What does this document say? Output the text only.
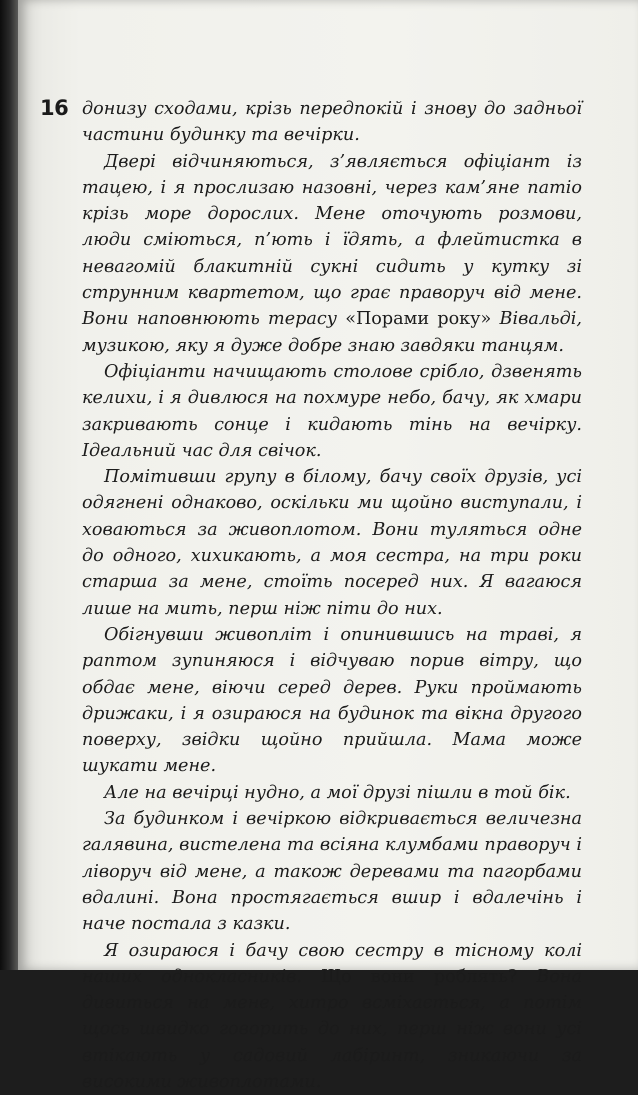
16 донизу сходами, крізь передпокій і знову до задньої частини будинку та вечірки.

Двері відчиняються, з’являється офіціант із тацею, і я прослизаю назовні, через кам’яне патіо крізь море дорослих. Мене оточують розмови, люди сміються, п’ють і їдять, а флейтистка в невагомій блакитній сукні сидить у кутку зі струнним квартетом, що грає праворуч від мене. Вони наповнюють терасу «Порами року» Вівальді, музикою, яку я дуже добре знаю завдяки танцям.

Офіціанти начищають столове срібло, дзвенять келихи, і я дивлюся на похмуре небо, бачу, як хмари закривають сонце і кидають тінь на вечірку. Ідеальний час для свічок.

Помітивши групу в білому, бачу своїх друзів, усі одягнені однаково, оскільки ми щойно виступали, і ховаються за живоплотом. Вони туляться одне до одного, хихикають, а моя сестра, на три роки старша за мене, стоїть посеред них. Я вагаюся лише на мить, перш ніж піти до них.

Обігнувши живопліт і опинившись на траві, я раптом зупиняюся і відчуваю порив вітру, що обдає мене, віючи серед дерев. Руки проймають дрижаки, і я озираюся на будинок та вікна другого поверху, звідки щойно прийшла. Мама може шукати мене.

Але на вечірці нудно, а мої друзі пішли в той бік.

За будинком і вечіркою відкривається величезна галявина, вистелена та всіяна клумбами праворуч і ліворуч від мене, а також деревами та пагорбами вдалині. Вона простягається вшир і вдалечінь і наче постала з казки.

Я озираюся і бачу свою сестру в тісному колі наших однокласників. Що вони роблять? Вона дивиться на мене, хитро всміхається, а потім щось швидко говорить до них, перш ніж вони усі втікають у садовий лабіринт, зникаючи за високими живоплотами.
